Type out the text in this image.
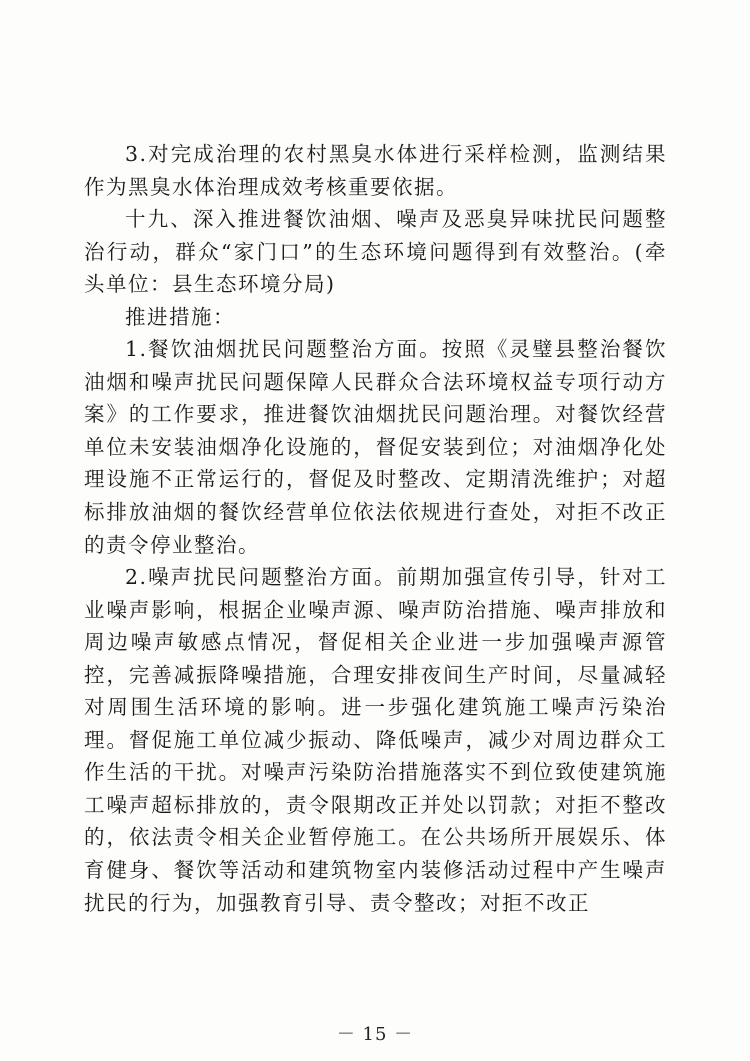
3.对完成治理的农村黑臭水体进行采样检测，监测结果作为黑臭水体治理成效考核重要依据。

十九、深入推进餐饮油烟、噪声及恶臭异味扰民问题整治行动，群众“家门口”的生态环境问题得到有效整治。(牵头单位：县生态环境分局)

推进措施：

1.餐饮油烟扰民问题整治方面。按照《灵璧县整治餐饮油烟和噪声扰民问题保障人民群众合法环境权益专项行动方案》的工作要求，推进餐饮油烟扰民问题治理。对餐饮经营单位未安装油烟净化设施的，督促安装到位；对油烟净化处理设施不正常运行的，督促及时整改、定期清洗维护；对超标排放油烟的餐饮经营单位依法依规进行查处，对拒不改正的责令停业整治。

2.噪声扰民问题整治方面。前期加强宣传引导，针对工业噪声影响，根据企业噪声源、噪声防治措施、噪声排放和周边噪声敏感点情况，督促相关企业进一步加强噪声源管控，完善减振降噪措施，合理安排夜间生产时间，尽量减轻对周围生活环境的影响。进一步强化建筑施工噪声污染治理。督促施工单位减少振动、降低噪声，减少对周边群众工作生活的干扰。对噪声污染防治措施落实不到位致使建筑施工噪声超标排放的，责令限期改正并处以罚款；对拒不整改的，依法责令相关企业暂停施工。在公共场所开展娱乐、体育健身、餐饮等活动和建筑物室内装修活动过程中产生噪声扰民的行为，加强教育引导、责令整改；对拒不改正

－ 15 －
